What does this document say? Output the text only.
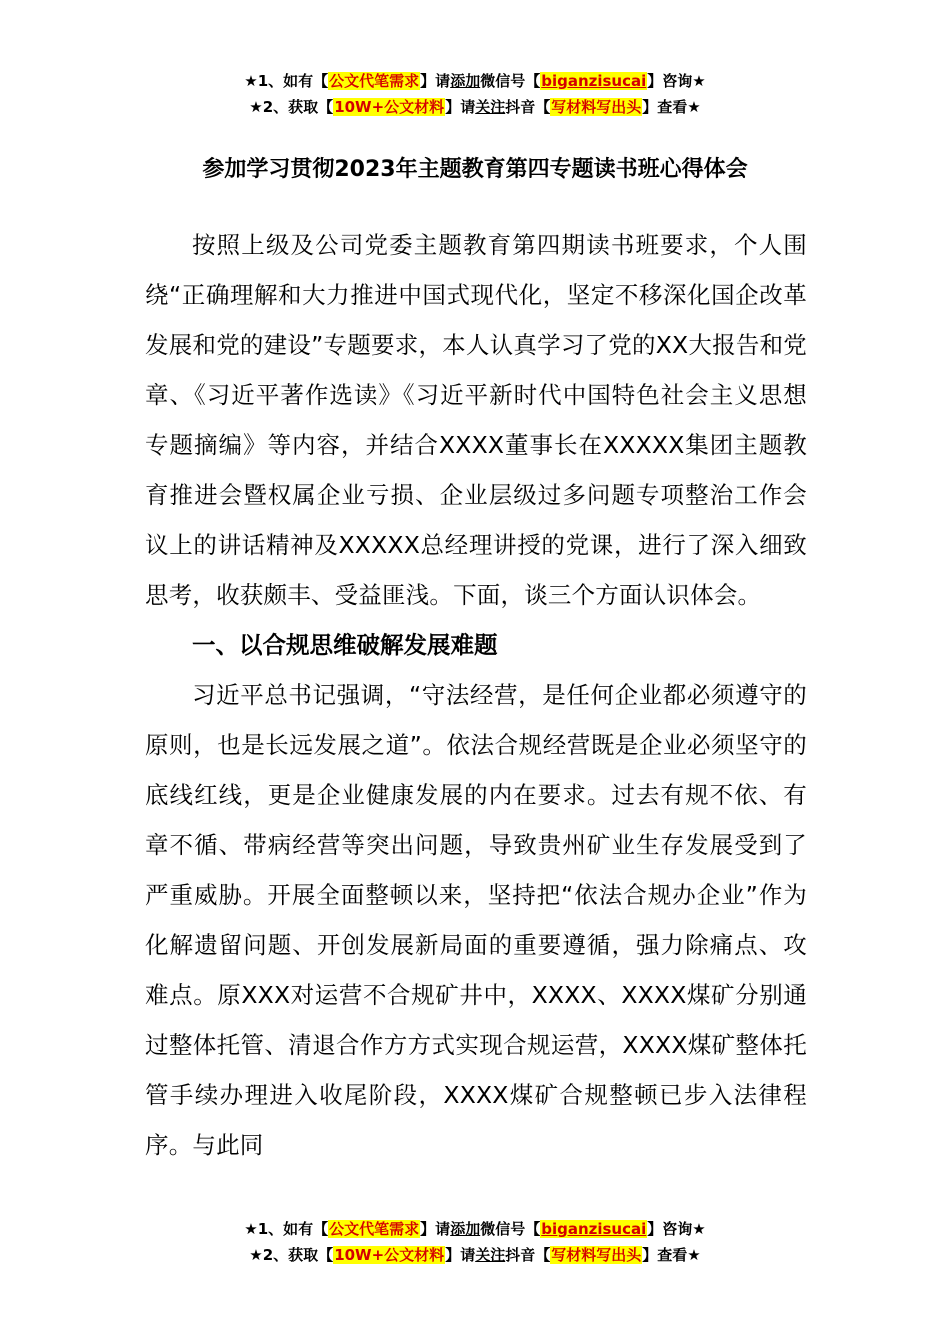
★1、如有【公文代笔需求】请添加微信号【biganzisucai】咨询★
★2、获取【10W+公文材料】请关注抖音【写材料写出头】查看★
参加学习贯彻2023年主题教育第四专题读书班心得体会

按照上级及公司党委主题教育第四期读书班要求，个人围绕“正确理解和大力推进中国式现代化，坚定不移深化国企改革发展和党的建设”专题要求，本人认真学习了党的XX大报告和党章、《习近平著作选读》《习近平新时代中国特色社会主义思想专题摘编》等内容，并结合XXXX董事长在XXXXX集团主题教育推进会暨权属企业亏损、企业层级过多问题专项整治工作会议上的讲话精神及XXXXX总经理讲授的党课，进行了深入细致思考，收获颇丰、受益匪浅。下面，谈三个方面认识体会。

一、以合规思维破解发展难题

习近平总书记强调，“守法经营，是任何企业都必须遵守的原则，也是长远发展之道”。依法合规经营既是企业必须坚守的底线红线，更是企业健康发展的内在要求。过去有规不依、有章不循、带病经营等突出问题，导致贵州矿业生存发展受到了严重威胁。开展全面整顿以来，坚持把“依法合规办企业”作为化解遗留问题、开创发展新局面的重要遵循，强力除痛点、攻难点。原XXX对运营不合规矿井中，XXXX、XXXX煤矿分别通过整体托管、清退合作方方式实现合规运营，XXXX煤矿整体托管手续办理进入收尾阶段，XXXX煤矿合规整顿已步入法律程序。与此同

★1、如有【公文代笔需求】请添加微信号【biganzisucai】咨询★
★2、获取【10W+公文材料】请关注抖音【写材料写出头】查看★
